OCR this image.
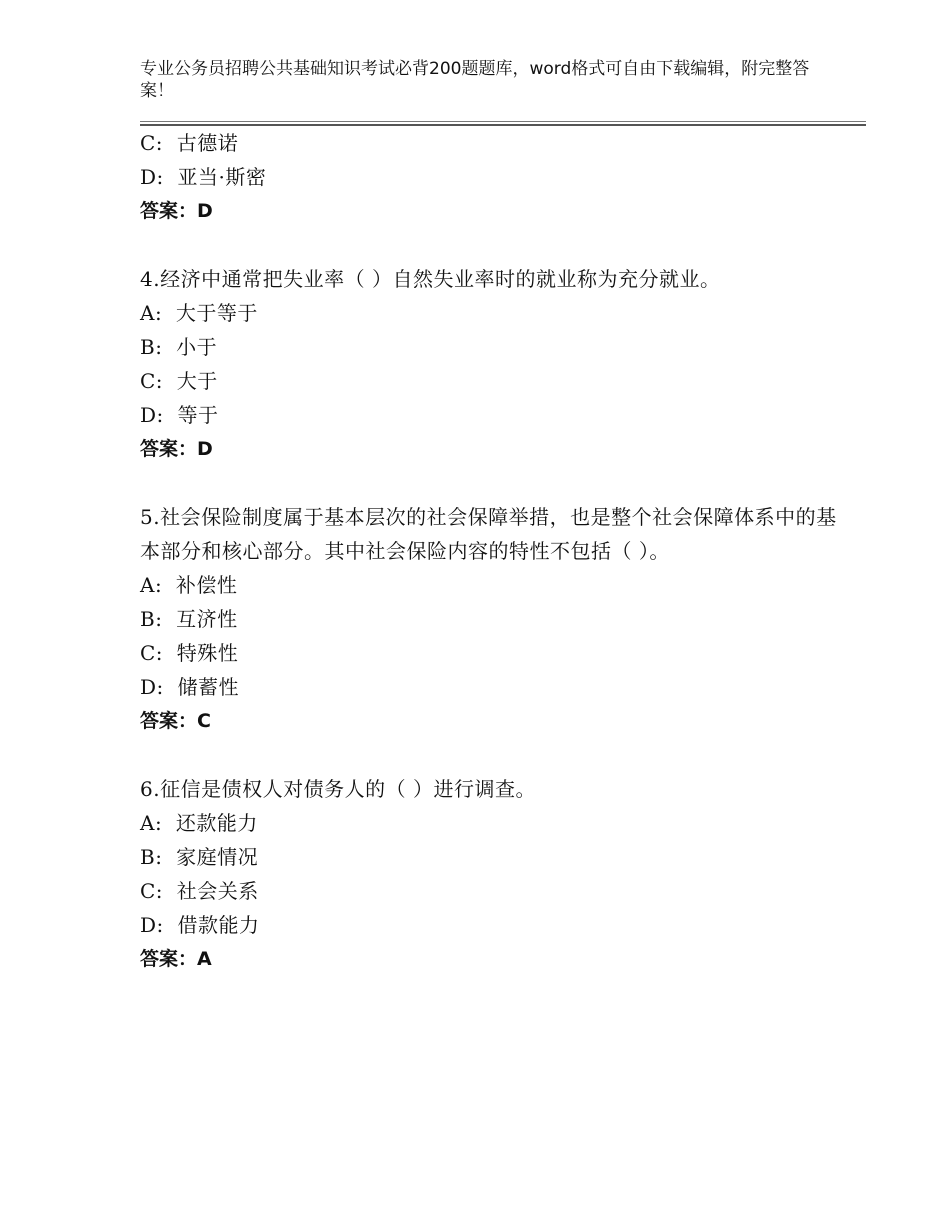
专业公务员招聘公共基础知识考试必背200题题库，word格式可自由下载编辑，附完整答案！
C:  古德诺
D:  亚当·斯密
答案：D
4.经济中通常把失业率（ ）自然失业率时的就业称为充分就业。
A:  大于等于
B:  小于
C:  大于
D:  等于
答案：D
5.社会保险制度属于基本层次的社会保障举措，也是整个社会保障体系中的基本部分和核心部分。其中社会保险内容的特性不包括（ ）。
A:  补偿性
B:  互济性
C:  特殊性
D:  储蓄性
答案：C
6.征信是债权人对债务人的（ ）进行调查。
A:  还款能力
B:  家庭情况
C:  社会关系
D:  借款能力
答案：A
